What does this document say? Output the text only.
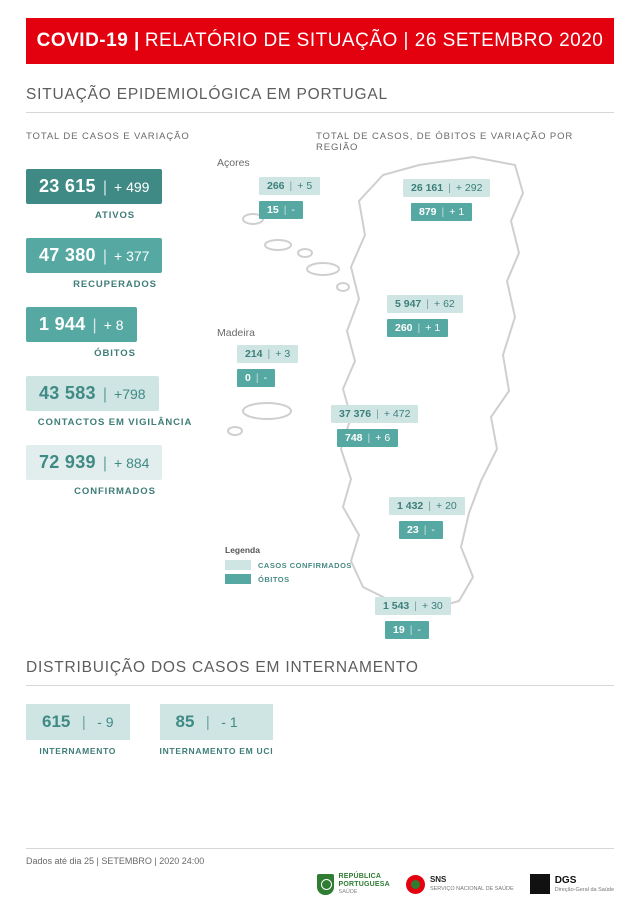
COVID-19 |
RELATÓRIO DE SITUAÇÃO | 26 SETEMBRO 2020
SITUAÇÃO EPIDEMIOLÓGICA EM PORTUGAL
TOTAL DE CASOS E VARIAÇÃO	TOTAL DE CASOS, DE ÓBITOS E VARIAÇÃO POR REGIÃO
23 615 | + 499
ATIVOS
47 380 | + 377
RECUPERADOS
1 944 | + 8
ÓBITOS
43 583 | +798
CONTACTOS EM VIGILÂNCIA
72 939 | + 884
CONFIRMADOS
Açores
Madeira
266 | + 5
15 | -
214 | + 3
0 | -
26 161 | + 292
879 | + 1
5 947 | + 62
260 | + 1
37 376 | + 472
748 | + 6
1 432 | + 20
23 | -
1 543 | + 30
19 | -
Legenda
CASOS CONFIRMADOS
ÓBITOS
DISTRIBUIÇÃO DOS CASOS EM INTERNAMENTO
615 | - 9
INTERNAMENTO
85 | - 1
INTERNAMENTO EM UCI
Dados até dia 25 | SETEMBRO | 2020 24:00
REPÚBLICA
PORTUGUESA
SAÚDE
SNS
SERVIÇO NACIONAL DE SAÚDE
DGS
Direção-Geral da Saúde
